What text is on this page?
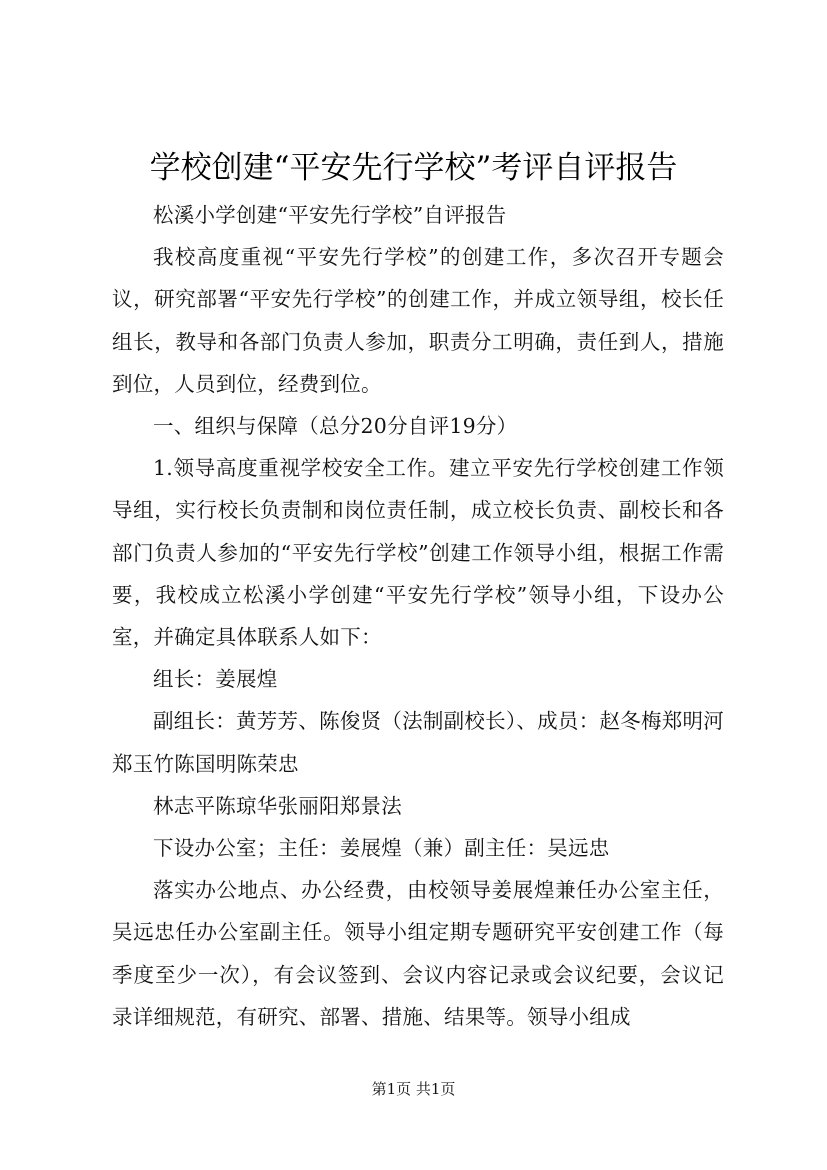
学校创建“平安先行学校”考评自评报告

松溪小学创建“平安先行学校”自评报告

我校高度重视“平安先行学校”的创建工作，多次召开专题会议，研究部署“平安先行学校”的创建工作，并成立领导组，校长任组长，教导和各部门负责人参加，职责分工明确，责任到人，措施到位，人员到位，经费到位。

一、组织与保障（总分20分自评19分）

1.领导高度重视学校安全工作。建立平安先行学校创建工作领导组，实行校长负责制和岗位责任制，成立校长负责、副校长和各部门负责人参加的“平安先行学校”创建工作领导小组，根据工作需要，我校成立松溪小学创建“平安先行学校”领导小组，下设办公室，并确定具体联系人如下：

组长：姜展煌

副组长：黄芳芳、陈俊贤（法制副校长）、成员：赵冬梅郑明河郑玉竹陈国明陈荣忠

林志平陈琼华张丽阳郑景法

下设办公室；主任：姜展煌（兼）副主任：吴远忠

落实办公地点、办公经费，由校领导姜展煌兼任办公室主任，吴远忠任办公室副主任。领导小组定期专题研究平安创建工作（每季度至少一次），有会议签到、会议内容记录或会议纪要，会议记录详细规范，有研究、部署、措施、结果等。领导小组成

第1页 共1页
